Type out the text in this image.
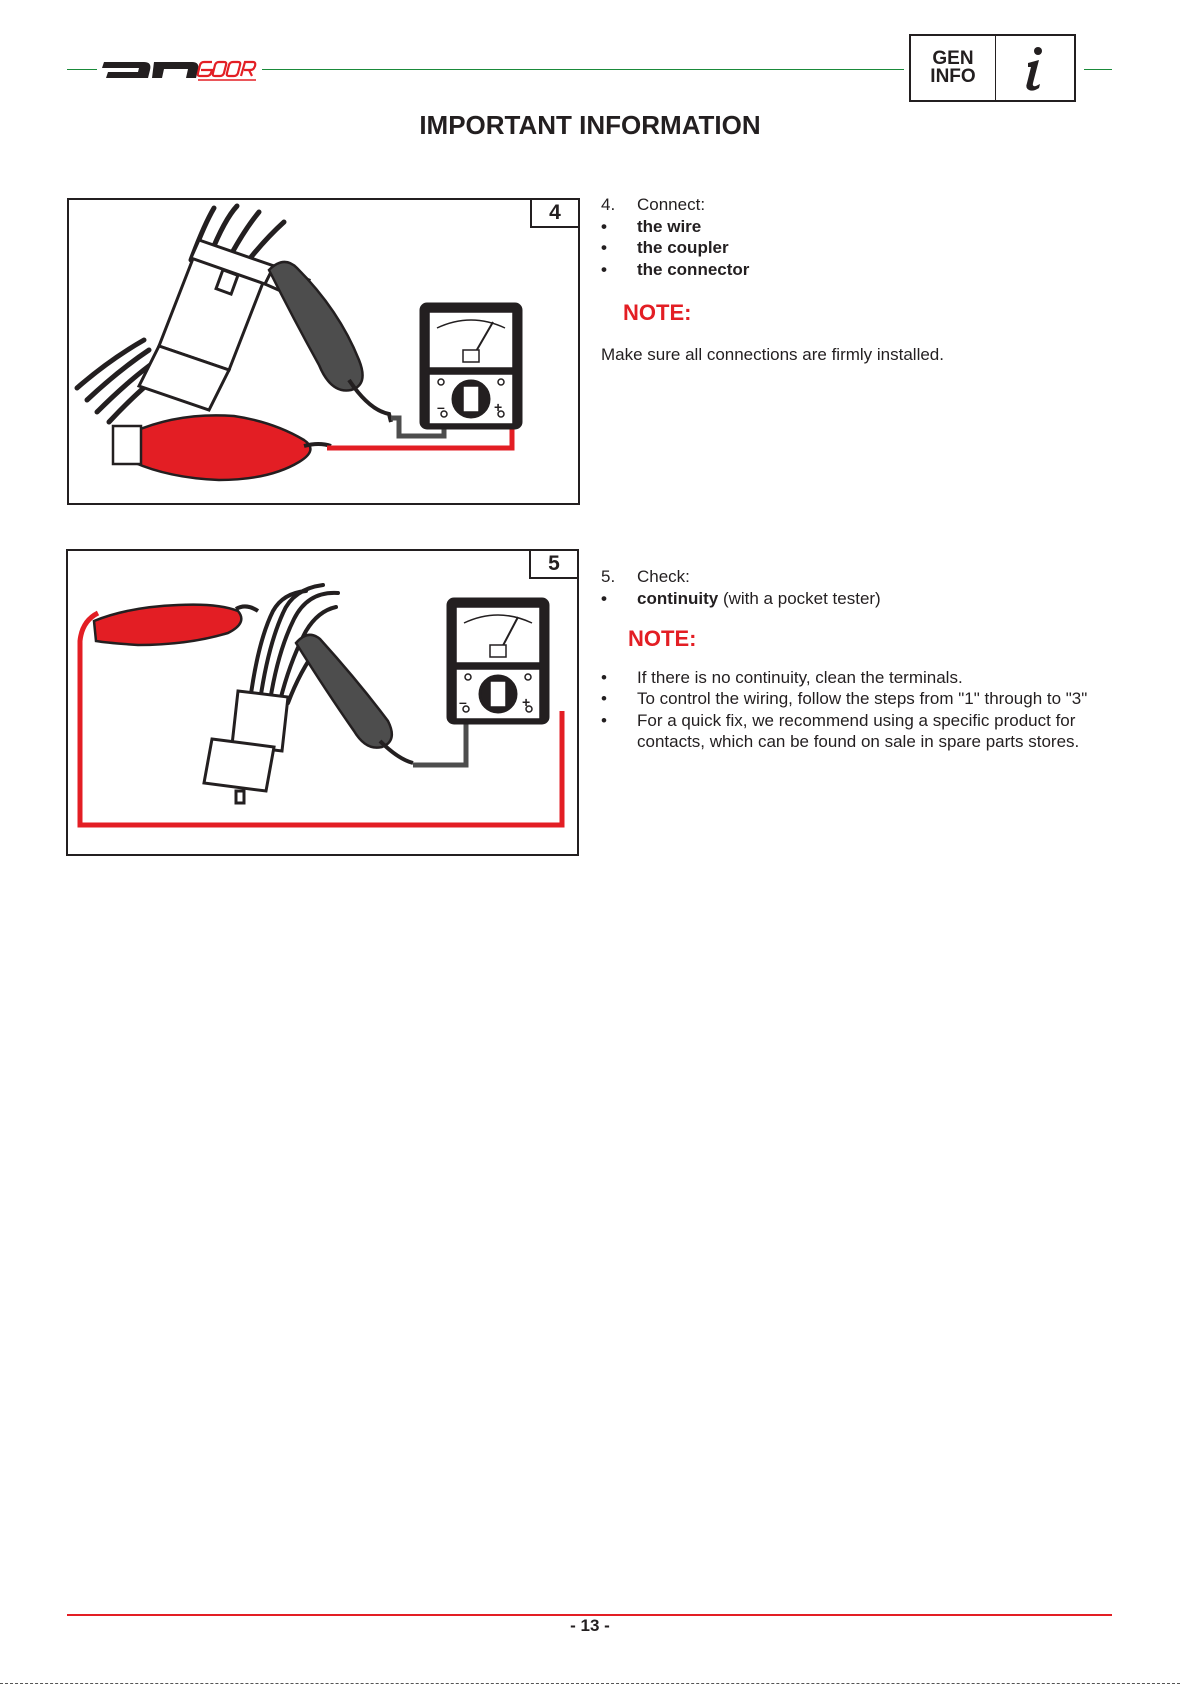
GEN
INFO
IMPORTANT INFORMATION
–	+
4	4.	Connect:
•	the wire
•	the coupler
•	the connector
NOTE:
Make sure all connections are firmly installed.
–	+
5
5.	Check:
•	continuity (with a pocket tester)
NOTE:
•	If there is no continuity, clean the terminals.
•	To control the wiring, follow the steps from "1" through to "3"
•	For a quick fix, we recommend using a specific product for contacts, which can be found on sale in spare parts stores.
- 13 -
